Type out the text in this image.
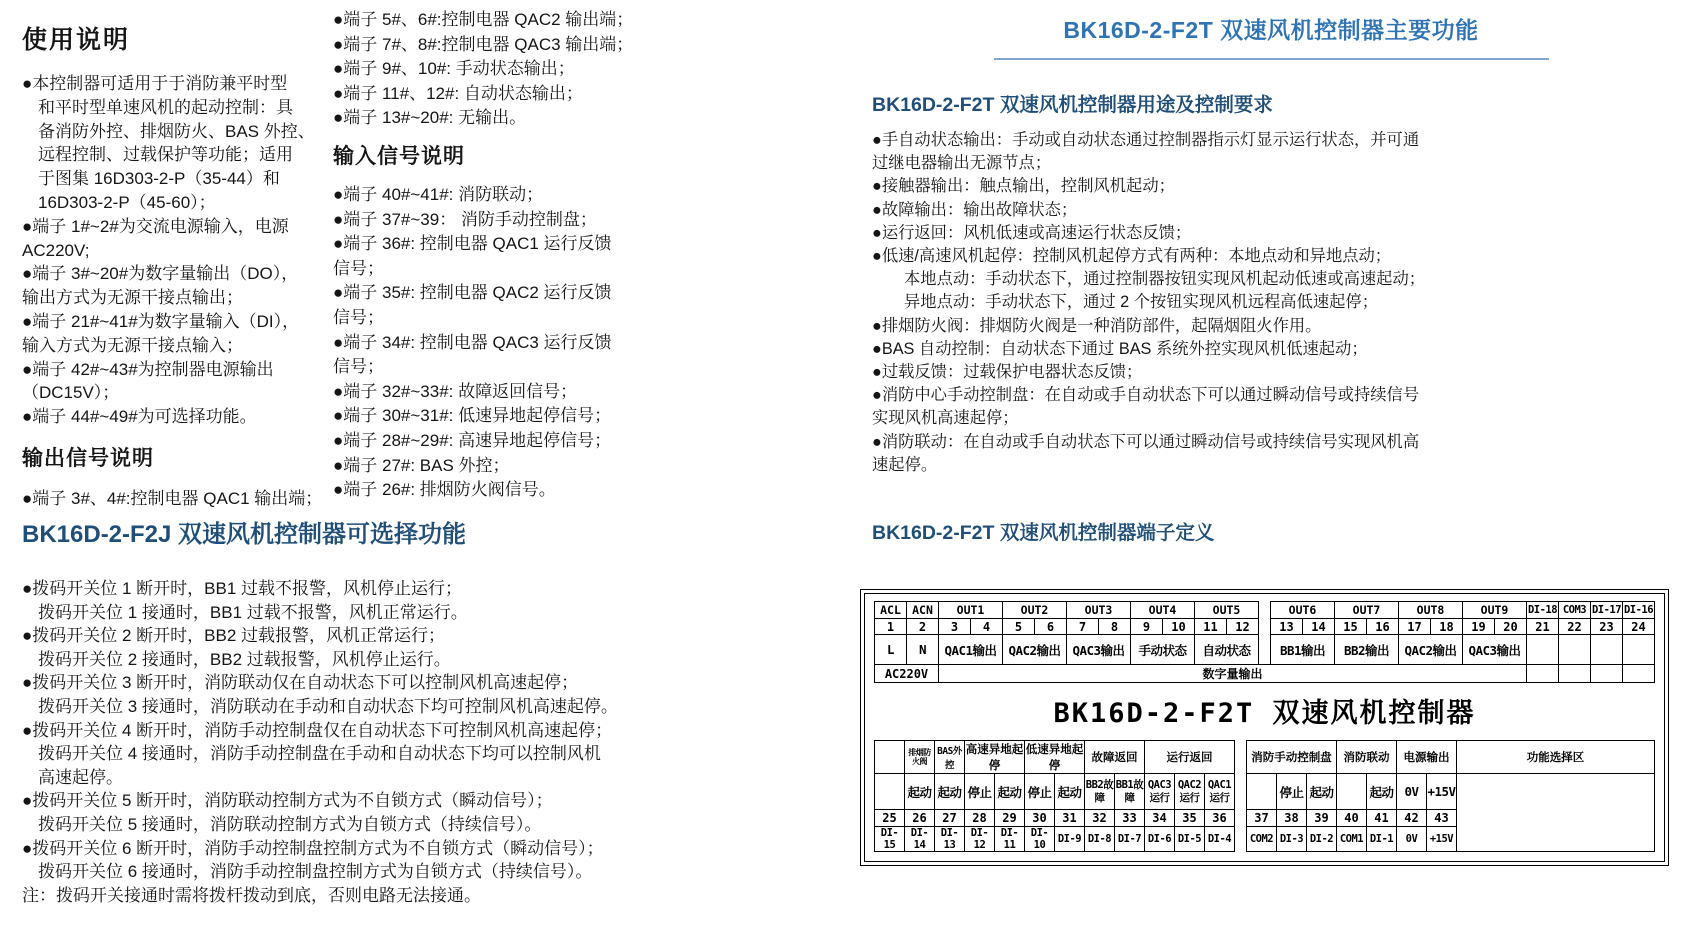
使用说明
●本控制器可适用于于消防兼平时型
和平时型单速风机的起动控制：具
备消防外控、排烟防火、BAS 外控、
远程控制、过载保护等功能；适用
于图集 16D303-2-P（35-44）和
16D303-2-P（45-60）；
●端子 1#~2#为交流电源输入，电源
AC220V;
●端子 3#~20#为数字量输出（DO），
输出方式为无源干接点输出；
●端子 21#~41#为数字量输入（DI），
输入方式为无源干接点输入；
●端子 42#~43#为控制器电源输出
（DC15V）；
●端子 44#~49#为可选择功能。
输出信号说明
●端子 3#、4#:控制电器 QAC1 输出端；
●端子 5#、6#:控制电器 QAC2 输出端；
●端子 7#、8#:控制电器 QAC3 输出端；
●端子 9#、10#: 手动状态输出；
●端子 11#、12#: 自动状态输出；
●端子 13#~20#: 无输出。
输入信号说明
●端子 40#~41#: 消防联动；
●端子 37#~39： 消防手动控制盘；
●端子 36#: 控制电器 QAC1 运行反馈
信号；
●端子 35#: 控制电器 QAC2 运行反馈
信号；
●端子 34#: 控制电器 QAC3 运行反馈
信号；
●端子 32#~33#: 故障返回信号；
●端子 30#~31#: 低速异地起停信号；
●端子 28#~29#: 高速异地起停信号；
●端子 27#: BAS 外控；
●端子 26#: 排烟防火阀信号。
BK16D-2-F2J 双速风机控制器可选择功能
●拨码开关位 1 断开时，BB1 过载不报警，风机停止运行；
拨码开关位 1 接通时，BB1 过载不报警，风机正常运行。
●拨码开关位 2 断开时，BB2 过载报警，风机正常运行；
拨码开关位 2 接通时，BB2 过载报警，风机停止运行。
●拨码开关位 3 断开时，消防联动仅在自动状态下可以控制风机高速起停；
拨码开关位 3 接通时，消防联动在手动和自动状态下均可控制风机高速起停。
●拨码开关位 4 断开时，消防手动控制盘仅在自动状态下可控制风机高速起停；
拨码开关位 4 接通时，消防手动控制盘在手动和自动状态下均可以控制风机
高速起停。
●拨码开关位 5 断开时，消防联动控制方式为不自锁方式（瞬动信号）；
拨码开关位 5 接通时，消防联动控制方式为自锁方式（持续信号）。
●拨码开关位 6 断开时，消防手动控制盘控制方式为不自锁方式（瞬动信号）；
拨码开关位 6 接通时，消防手动控制盘控制方式为自锁方式（持续信号）。
注：拨码开关接通时需将拨杆拨动到底，否则电路无法接通。
BK16D-2-F2T 双速风机控制器主要功能
BK16D-2-F2T 双速风机控制器用途及控制要求
●手自动状态输出：手动或自动状态通过控制器指示灯显示运行状态，并可通
过继电器输出无源节点；
●接触器输出：触点输出，控制风机起动；
●故障输出：输出故障状态；
●运行返回：风机低速或高速运行状态反馈；
●低速/高速风机起停：控制风机起停方式有两种：本地点动和异地点动；
本地点动：手动状态下，通过控制器按钮实现风机起动低速或高速起动；
异地点动：手动状态下，通过 2 个按钮实现风机远程高低速起停；
●排烟防火阀：排烟防火阀是一种消防部件，起隔烟阻火作用。
●BAS 自动控制：自动状态下通过 BAS 系统外控实现风机低速起动；
●过载反馈：过载保护电器状态反馈；
●消防中心手动控制盘：在自动或手自动状态下可以通过瞬动信号或持续信号
实现风机高速起停；
●消防联动：在自动或手自动状态下可以通过瞬动信号或持续信号实现风机高
速起停。
BK16D-2-F2T 双速风机控制器端子定义
ACL	ACN	OUT1		OUT2		OUT3		OUT4		OUT5			OUT6		OUT7		OUT8		OUT9		DI-18	COM3	DI-17	DI-16
1	2	3	4	5	6	7	8	9	10	11	12		13	14	15	16	17	18	19	20	21	22	23	24
L	N	QAC1输出		QAC2输出		QAC3输出		手动状态		自动状态			BB1输出		BB2输出		QAC2输出		QAC3输出					
AC220V		数字量输出																						
BK16D-2-F2T 双速风机控制器
	排烟防火阀	BAS外控	高速异地起停		低速异地起停		故障返回		运行返回				消防手动控制盘			消防联动		电源输出		功能选择区
	起动	起动	停止	起动	停止	起动	BB2故障	BB1故障	QAC3运行	QAC2运行	QAC1运行			停止	起动		起动	0V	+15V	
25	26	27	28	29	30	31	32	33	34	35	36		37	38	39	40	41	42	43	
DI-15	DI-14	DI-13	DI-12	DI-11	DI-10	DI-9	DI-8	DI-7	DI-6	DI-5	DI-4		COM2	DI-3	DI-2	COM1	DI-1	0V	+15V	
